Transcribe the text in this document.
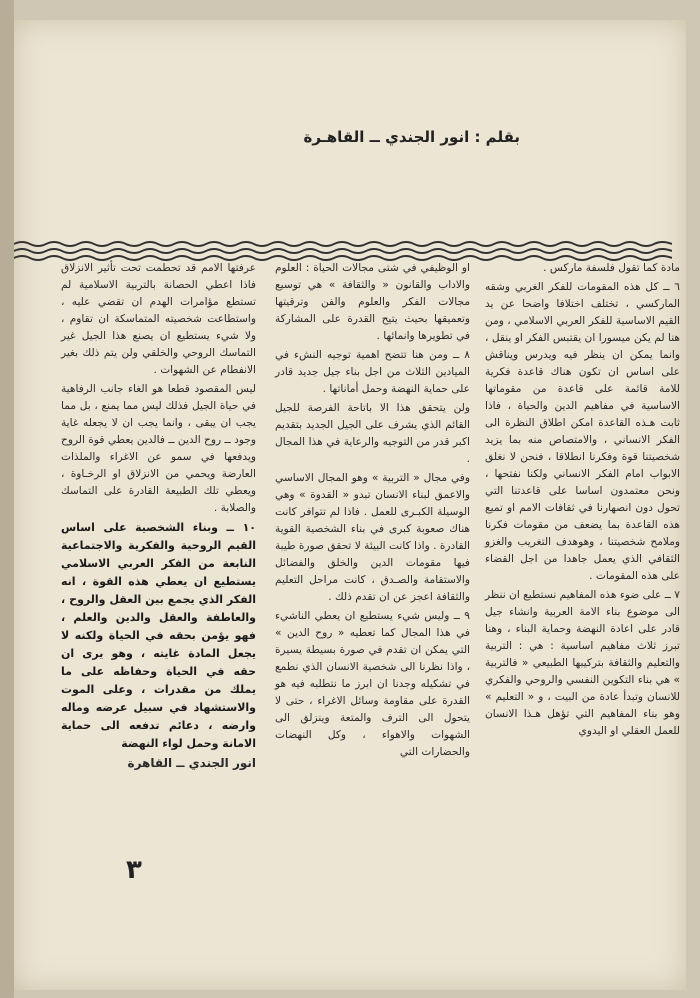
بقلم : انور الجندي ــ القاهـرة

مادة كما تقول فلسفة ماركس .

٦ ــ كل هذه المقومات للفكر الغربي وشقه الماركسي ، تختلف اختلافا واضحا عن يد القيم الاساسية للفكر العربي الاسلامي ، ومن هنا لم يكن ميسورا ان يقتبس الفكر او ينقل ، وانما يمكن ان ينظر فيه ويدرس ويناقش على اساس ان تكون هناك قاعدة فكرية للامة قائمة على قاعدة من مقوماتها الاساسية في مفاهيم الدين والحياة ، فاذا ثابت هـذه القاعدة امكن اطلاق النظرة الى الفكر الانساني ، والامتصاص منه بما يزيد شخصيتنا قوة وفكرنا انطلاقا ، فنحن لا نغلق الابواب امام الفكر الانساني ولكنا نفتحها ، ونحن معتمدون اساسا على قاعدتنا التي تحول دون انصهارنا في ثقافات الامم او تميع هذه القاعدة بما يضعف من مقومات فكرنا وملامح شخصيتنا ، وهوهدف التغريب والغزو الثقافي الذي يعمل جاهدا من اجل القضاء على هذه المقومات .

٧ ــ على ضوء هذه المفاهيم نستطيع ان ننظر الى موضوع بناء الامة العربية وانشاء جيل قادر على اعادة النهضة وحماية البناء ، وهنا تبرز ثلاث مفاهيم اساسية : هي : التربية والتعليم والثقافة بتركيبها الطبيعي « فالتربية » هي بناء التكوين النفسي والروحي والفكري للانسان وتبدأ عادة من البيت ، و « التعليم » وهو بناء المفاهيم التي تؤهل هـذا الانسان للعمل العقلي او اليدوي

او الوظيفي في شتى مجالات الحياة : العلوم والاداب والقانون « والثقافة » هي توسيع مجالات الفكر والعلوم والفن وترقيتها وتعميقها بحيث يتيح القدرة على المشاركة في تطويرها وانمائها .

٨ ــ ومن هنا تتضح اهمية توجيه النشء في الميادين الثلاث من اجل بناء جيل جديد قادر على حماية النهضة وحمل أماناتها .

ولن يتحقق هذا الا باتاحة الفرصة للجيل القائم الذي يشرف على الجيل الجديد بتقديم اكبر قدر من التوجيه والرعاية في هذا المجال .

وفي مجال « التربية » وهو المجال الاساسي والاعمق لبناء الانسان تبدو « القدوة » وهي الوسيلة الكبـرى للعمل . فاذا لم تتوافر كانت هناك صعوبة كبرى في بناء الشخصية القوية القادرة . واذا كانت البيئة لا تحقق صورة طيبة فيها مقومات الدين والخلق والفضائل والاستقامة والصـدق ، كانت مراحل التعليم والثقافة اعجز عن ان تقدم ذلك .

٩ ــ وليس شيء يستطيع ان يعطي الناشيء في هذا المجال كما تعطيه « روح الدين » التي يمكن ان تقدم في صورة بسيطة يسيرة ، واذا نظرنا الى شخصية الانسان الذي نطمع في تشكيله وجدنا ان ابرز ما نتطلبه فيه هو القدرة على مقاومة وسائل الاغراء ، حتى لا يتحول الى الترف والمتعة وينزلق الى الشهوات والاهواء ، وكل النهضات والحضارات التي

عرفتها الامم قد تحطمت تحت تأثير الانزلاق فاذا اعطي الحصانة بالتربية الاسلامية لم تستطع مؤامرات الهدم ان تقضي عليه ، واستطاعت شخصيته المتماسكة ان تقاوم ، ولا شيء يستطيع ان يصنع هذا الجيل غير التماسك الروحي والخلقي ولن يتم ذلك بغير الانفطام عن الشهوات .

ليس المقصود قطعا هو الغاء جانب الرفاهية في حياة الجيل فذلك ليس مما يمنع ، بل مما يجب ان يبقى ، وانما يجب ان لا يجعله غاية وجود ــ روح الدين ــ فالدين يعطي قوة الروح ويدفعها في سمو عن الاغراء والملذات العارضة ويحمي من الانزلاق او الرخـاوة ، ويعطي تلك الطبيعة القادرة على التماسك والصلابة .

١٠ ــ وبناء الشخصية على اساس القيم الروحية والفكرية والاجتماعية النابعة من الفكر العربي الاسلامي يستطيع ان يعطي هذه القوة ، انه الفكر الذي يجمع بين العقل والروح ، والعاطفة والعقل والدين والعلم ، فهو يؤمن بحقه في الحياة ولكنه لا يجعل المادة غايته ، وهو يرى ان حقه في الحياة وحفاظه على ما يملك من مقدرات ، وعلى الموت والاستشهاد في سبيل عرضه وماله وارضه ، دعائم تدفعه الى حماية الامانة وحمل لواء النهضة

انور الجندي ــ القاهرة

٣
